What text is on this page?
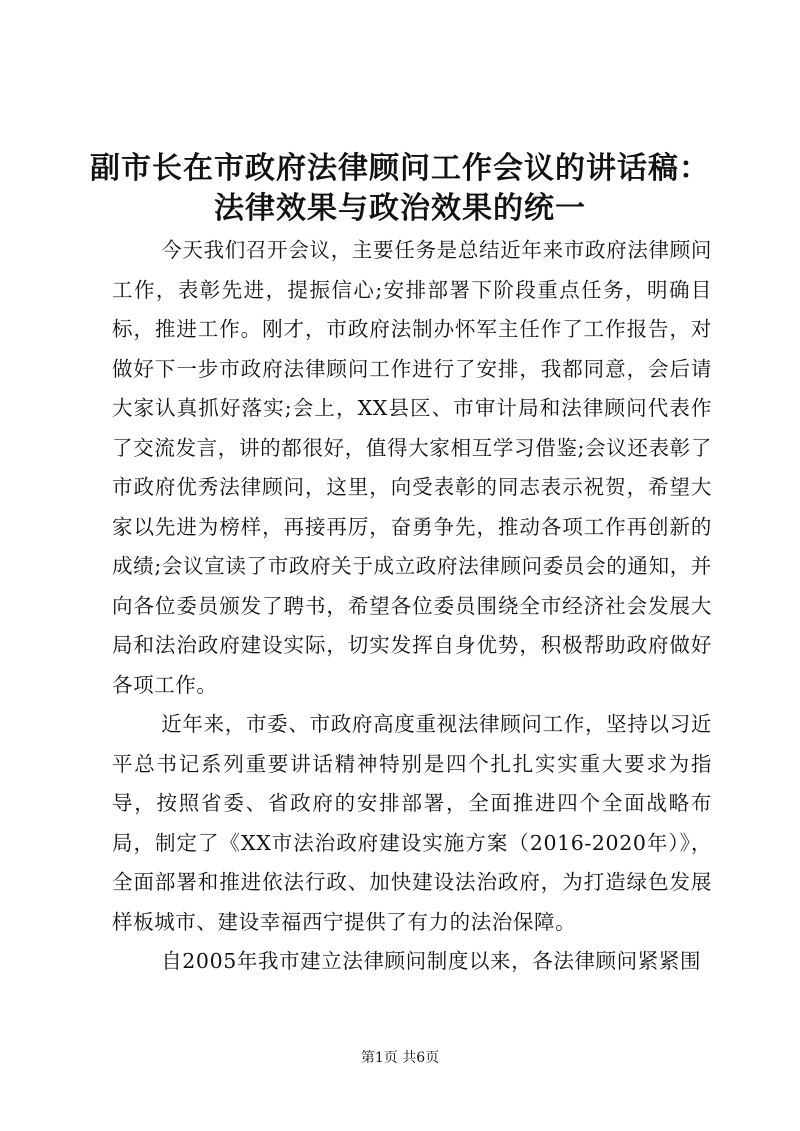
副市长在市政府法律顾问工作会议的讲话稿：
法律效果与政治效果的统一

今天我们召开会议，主要任务是总结近年来市政府法律顾问工作，表彰先进，提振信心;安排部署下阶段重点任务，明确目标，推进工作。刚才，市政府法制办怀军主任作了工作报告，对做好下一步市政府法律顾问工作进行了安排，我都同意，会后请大家认真抓好落实;会上，XX县区、市审计局和法律顾问代表作了交流发言，讲的都很好，值得大家相互学习借鉴;会议还表彰了市政府优秀法律顾问，这里，向受表彰的同志表示祝贺，希望大家以先进为榜样，再接再厉，奋勇争先，推动各项工作再创新的成绩;会议宣读了市政府关于成立政府法律顾问委员会的通知，并向各位委员颁发了聘书，希望各位委员围绕全市经济社会发展大局和法治政府建设实际，切实发挥自身优势，积极帮助政府做好各项工作。

近年来，市委、市政府高度重视法律顾问工作，坚持以习近平总书记系列重要讲话精神特别是四个扎扎实实重大要求为指导，按照省委、省政府的安排部署，全面推进四个全面战略布局，制定了《XX市法治政府建设实施方案（2016-2020年）》，全面部署和推进依法行政、加快建设法治政府，为打造绿色发展样板城市、建设幸福西宁提供了有力的法治保障。

自2005年我市建立法律顾问制度以来，各法律顾问紧紧围

第1页 共6页
